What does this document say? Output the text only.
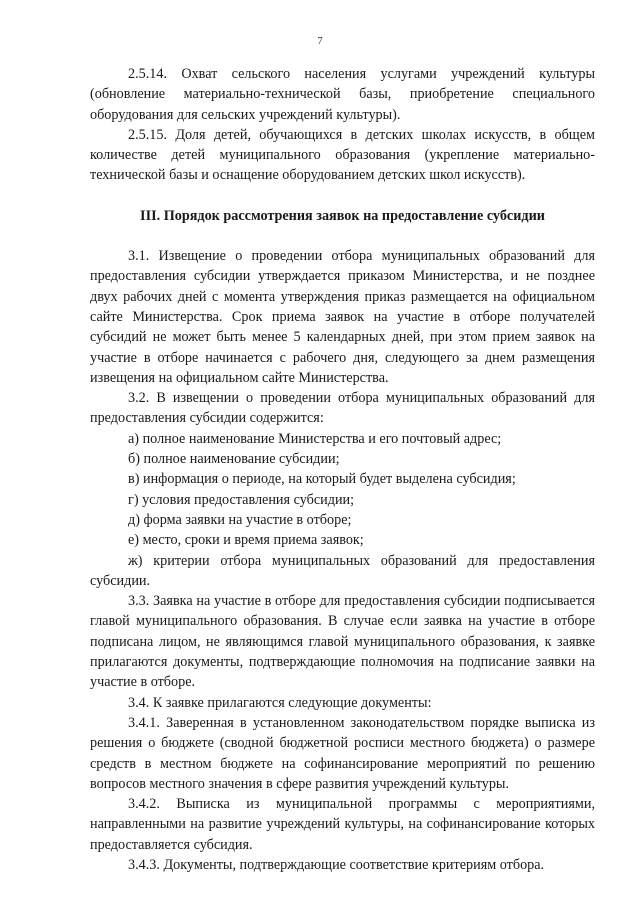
7

2.5.14. Охват сельского населения услугами учреждений культуры (обновление материально-технической базы, приобретение специального оборудования для сельских учреждений культуры).

2.5.15. Доля детей, обучающихся в детских школах искусств, в общем количестве детей муниципального образования (укрепление материально-технической базы и оснащение оборудованием детских школ искусств).

III. Порядок рассмотрения заявок на предоставление субсидии

3.1. Извещение о проведении отбора муниципальных образований для предоставления субсидии утверждается приказом Министерства, и не позднее двух рабочих дней с момента утверждения приказ размещается на официальном сайте Министерства. Срок приема заявок на участие в отборе получателей субсидий не может быть менее 5 календарных дней, при этом прием заявок на участие в отборе начинается с рабочего дня, следующего за днем размещения извещения на официальном сайте Министерства.

3.2. В извещении о проведении отбора муниципальных образований для предоставления субсидии содержится:

а) полное наименование Министерства и его почтовый адрес;

б) полное наименование субсидии;

в) информация о периоде, на который будет выделена субсидия;

г) условия предоставления субсидии;

д) форма заявки на участие в отборе;

е) место, сроки и время приема заявок;

ж) критерии отбора муниципальных образований для предоставления субсидии.

3.3. Заявка на участие в отборе для предоставления субсидии подписывается главой муниципального образования. В случае если заявка на участие в отборе подписана лицом, не являющимся главой муниципального образования, к заявке прилагаются документы, подтверждающие полномочия на подписание заявки на участие в отборе.

3.4. К заявке прилагаются следующие документы:

3.4.1. Заверенная в установленном законодательством порядке выписка из решения о бюджете (сводной бюджетной росписи местного бюджета) о размере средств в местном бюджете на софинансирование мероприятий по решению вопросов местного значения в сфере развития учреждений культуры.

3.4.2. Выписка из муниципальной программы с мероприятиями, направленными на развитие учреждений культуры, на софинансирование которых предоставляется субсидия.

3.4.3. Документы, подтверждающие соответствие критериям отбора.
